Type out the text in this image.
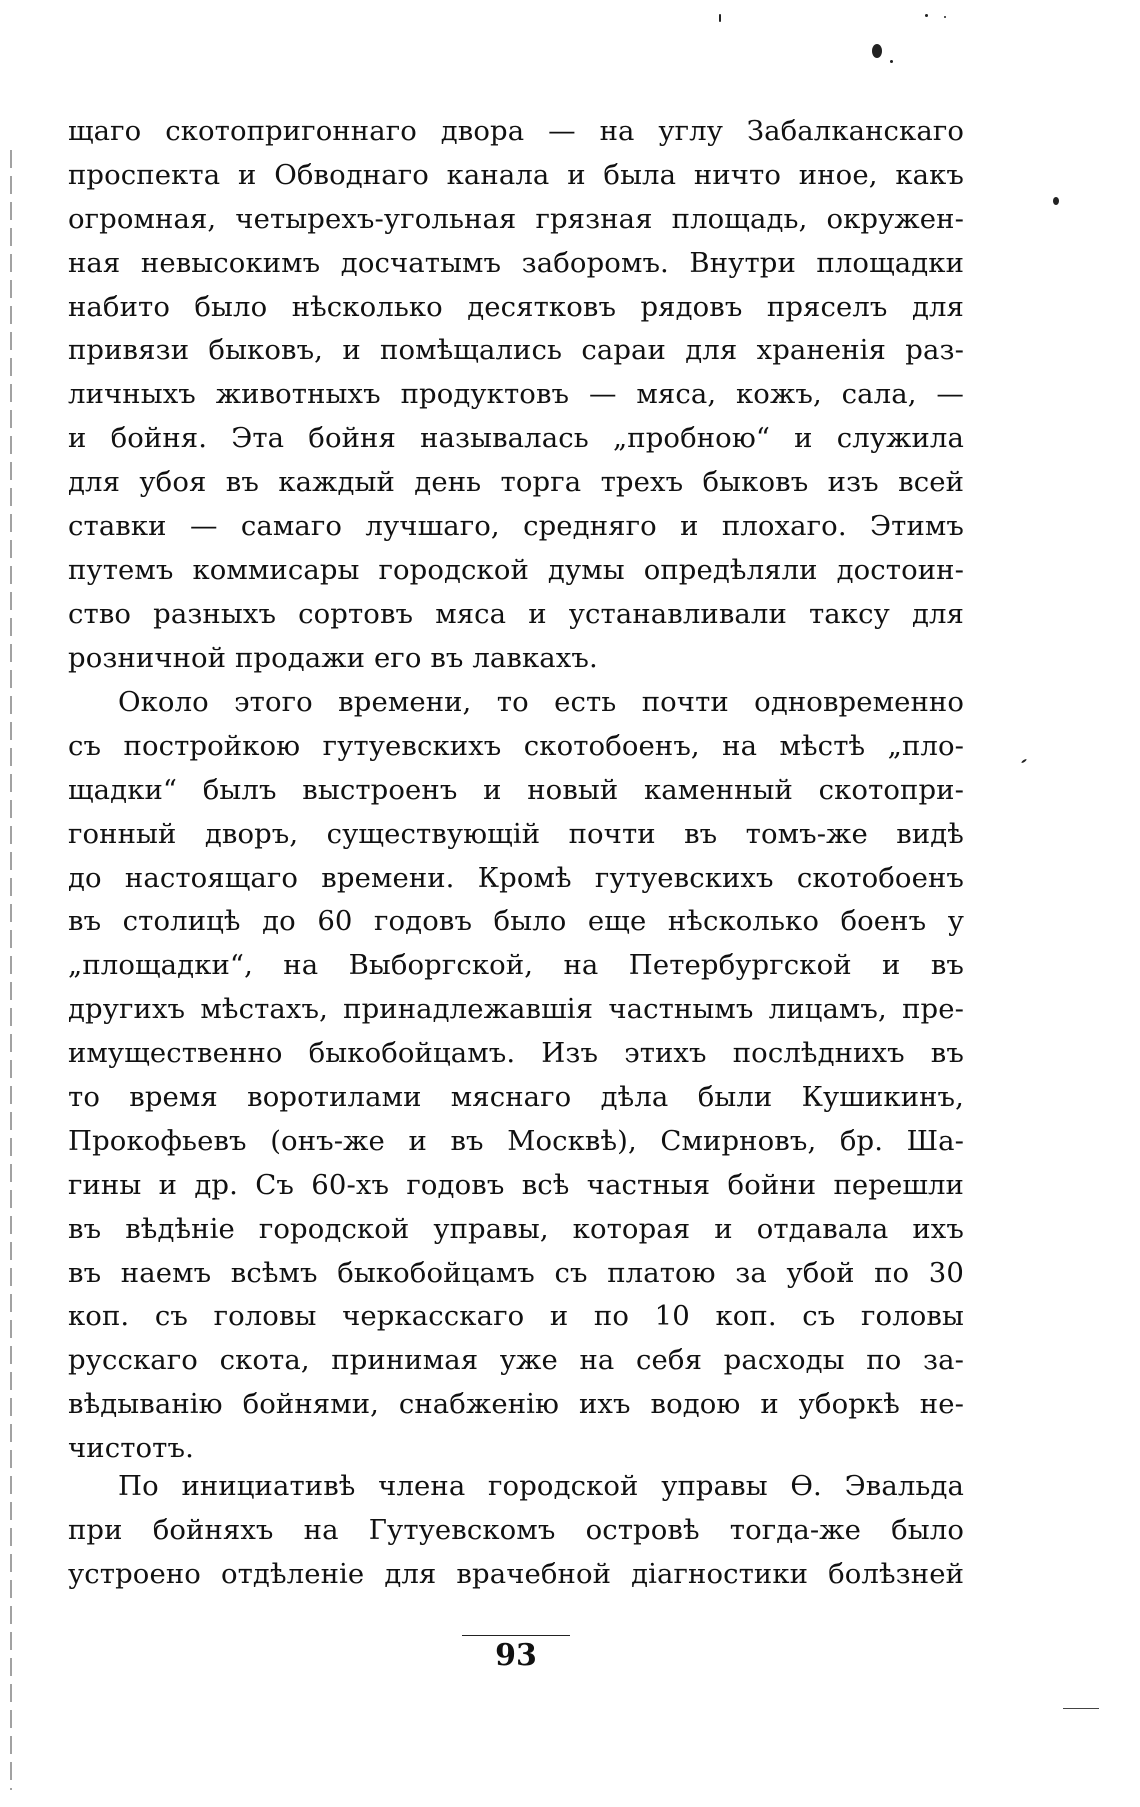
щаго скотопригоннаго двора — на углу Забалканскаго
проспекта и Обводнаго канала и была ничто иное, какъ
огромная, четырехъ-угольная грязная площадь, окружен-
ная невысокимъ досчатымъ заборомъ. Внутри площадки
набито было нѣсколько десятковъ рядовъ пряселъ для
привязи быковъ, и помѣщались сараи для храненія раз-
личныхъ животныхъ продуктовъ — мяса, кожъ, сала, —
и бойня. Эта бойня называлась „пробною“ и служила
для убоя въ каждый день торга трехъ быковъ изъ всей
ставки — самаго лучшаго, средняго и плохаго. Этимъ
путемъ коммисары городской думы опредѣляли достоин-
ство разныхъ сортовъ мяса и устанавливали таксу для
розничной продажи его въ лавкахъ.
Около этого времени, то есть почти одновременно
съ постройкою гутуевскихъ скотобоенъ, на мѣстѣ „пло-
щадки“ былъ выстроенъ и новый каменный скотопри-
гонный дворъ, существующій почти въ томъ-же видѣ
до настоящаго времени. Кромѣ гутуевскихъ скотобоенъ
въ столицѣ до 60 годовъ было еще нѣсколько боенъ у
„площадки“, на Выборгской, на Петербургской и въ
другихъ мѣстахъ, принадлежавшія частнымъ лицамъ, пре-
имущественно быкобойцамъ. Изъ этихъ послѣднихъ въ
то время воротилами мяснаго дѣла были Кушикинъ,
Прокофьевъ (онъ-же и въ Москвѣ), Смирновъ, бр. Ша-
гины и др. Съ 60-хъ годовъ всѣ частныя бойни перешли
въ вѣдѣніе городской управы, которая и отдавала ихъ
въ наемъ всѣмъ быкобойцамъ съ платою за убой по 30
коп. съ головы черкасскаго и по 10 коп. съ головы
русскаго скота, принимая уже на себя расходы по за-
вѣдыванію бойнями, снабженію ихъ водою и уборкѣ не-
чистотъ.
По инициативѣ члена городской управы Ѳ. Эвальда
при бойняхъ на Гутуевскомъ островѣ тогда-же было
устроено отдѣленіе для врачебной діагностики болѣзней
93
